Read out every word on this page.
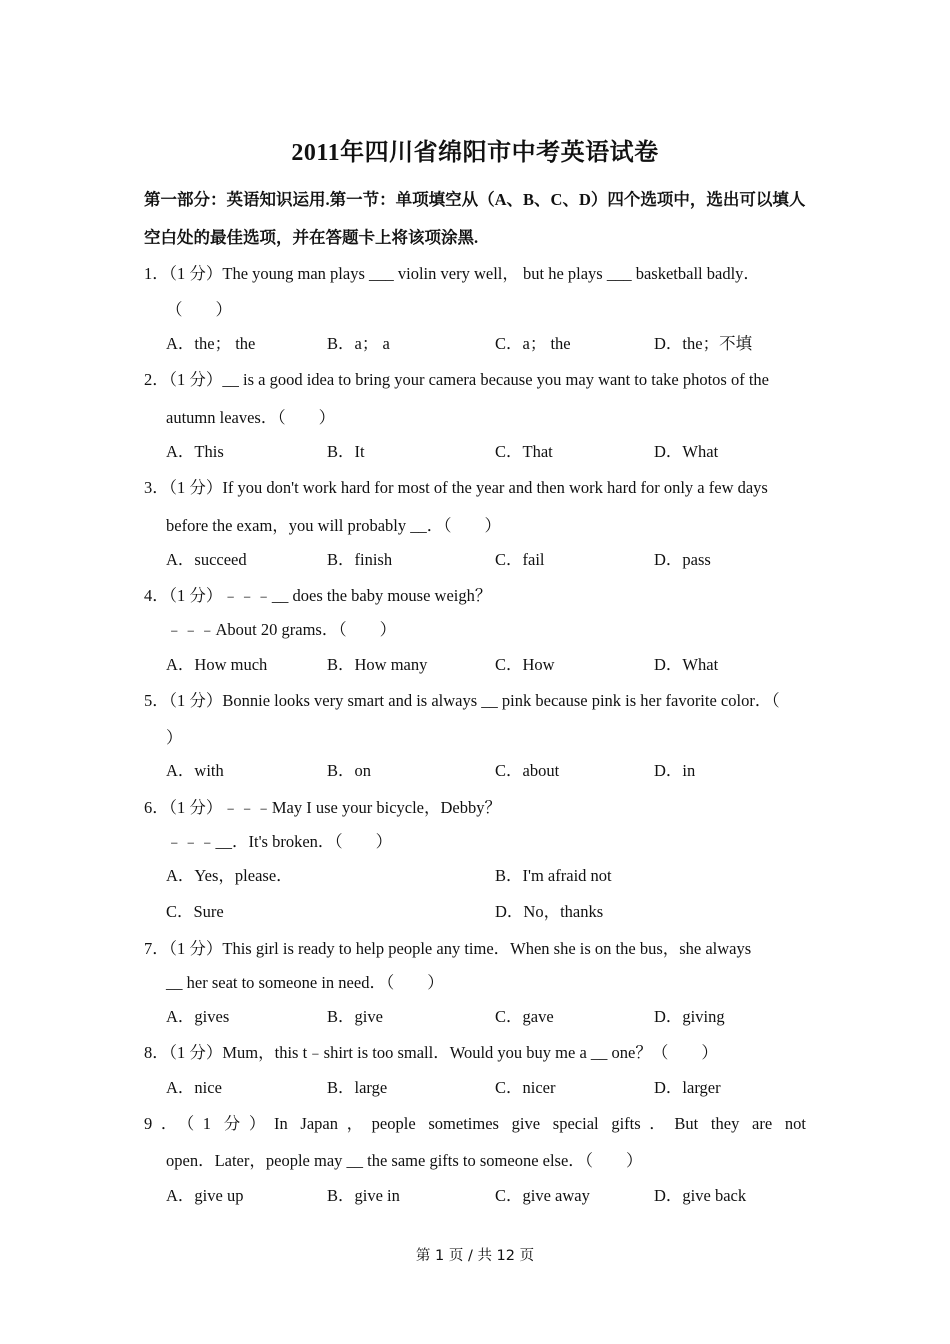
2011年四川省绵阳市中考英语试卷
第一部分：英语知识运用.第一节：单项填空从（A、B、C、D）四个选项中，选出可以填人空白处的最佳选项，并在答题卡上将该项涂黑.
1．（1 分）The young man plays ___ violin very well， but he plays ___ basketball badly．
（　　）
A．the； the	B．a； a	C．a； the	D．the；不填
2．（1 分）__ is a good idea to bring your camera because you may want to take photos of the
autumn leaves．（　　）
A．This	B．It	C．That	D．What
3．（1 分）If you don't work hard for most of the year and then work hard for only a few days
before the exam，you will probably __．（　　）
A．succeed	B．finish	C．fail	D．pass
4．（1 分）﹣﹣﹣__ does the baby mouse weigh？
﹣﹣﹣About 20 grams．（　　）
A．How much	B．How many	C．How	D．What
5．（1 分）Bonnie looks very smart and is always __ pink because pink is her favorite color．（
）
A．with	B．on	C．about	D．in
6．（1 分）﹣﹣﹣May I use your bicycle，Debby？
﹣﹣﹣__．It's broken．（　　）
A．Yes，please．	B．I'm afraid not
C．Sure	D．No，thanks
7．（1 分）This girl is ready to help people any time．When she is on the bus，she always
__ her seat to someone in need．（　　）
A．gives	B．give	C．gave	D．giving
8．（1 分）Mum，this t﹣shirt is too small．Would you buy me a __ one？（　　）
A．nice	B．large	C．nicer	D．larger
9．（1 分）In Japan，people sometimes give special gifts．But they are not
open．Later，people may __ the same gifts to someone else．（　　）
A．give up	B．give in	C．give away	D．give back
第 1 页 / 共 12 页
